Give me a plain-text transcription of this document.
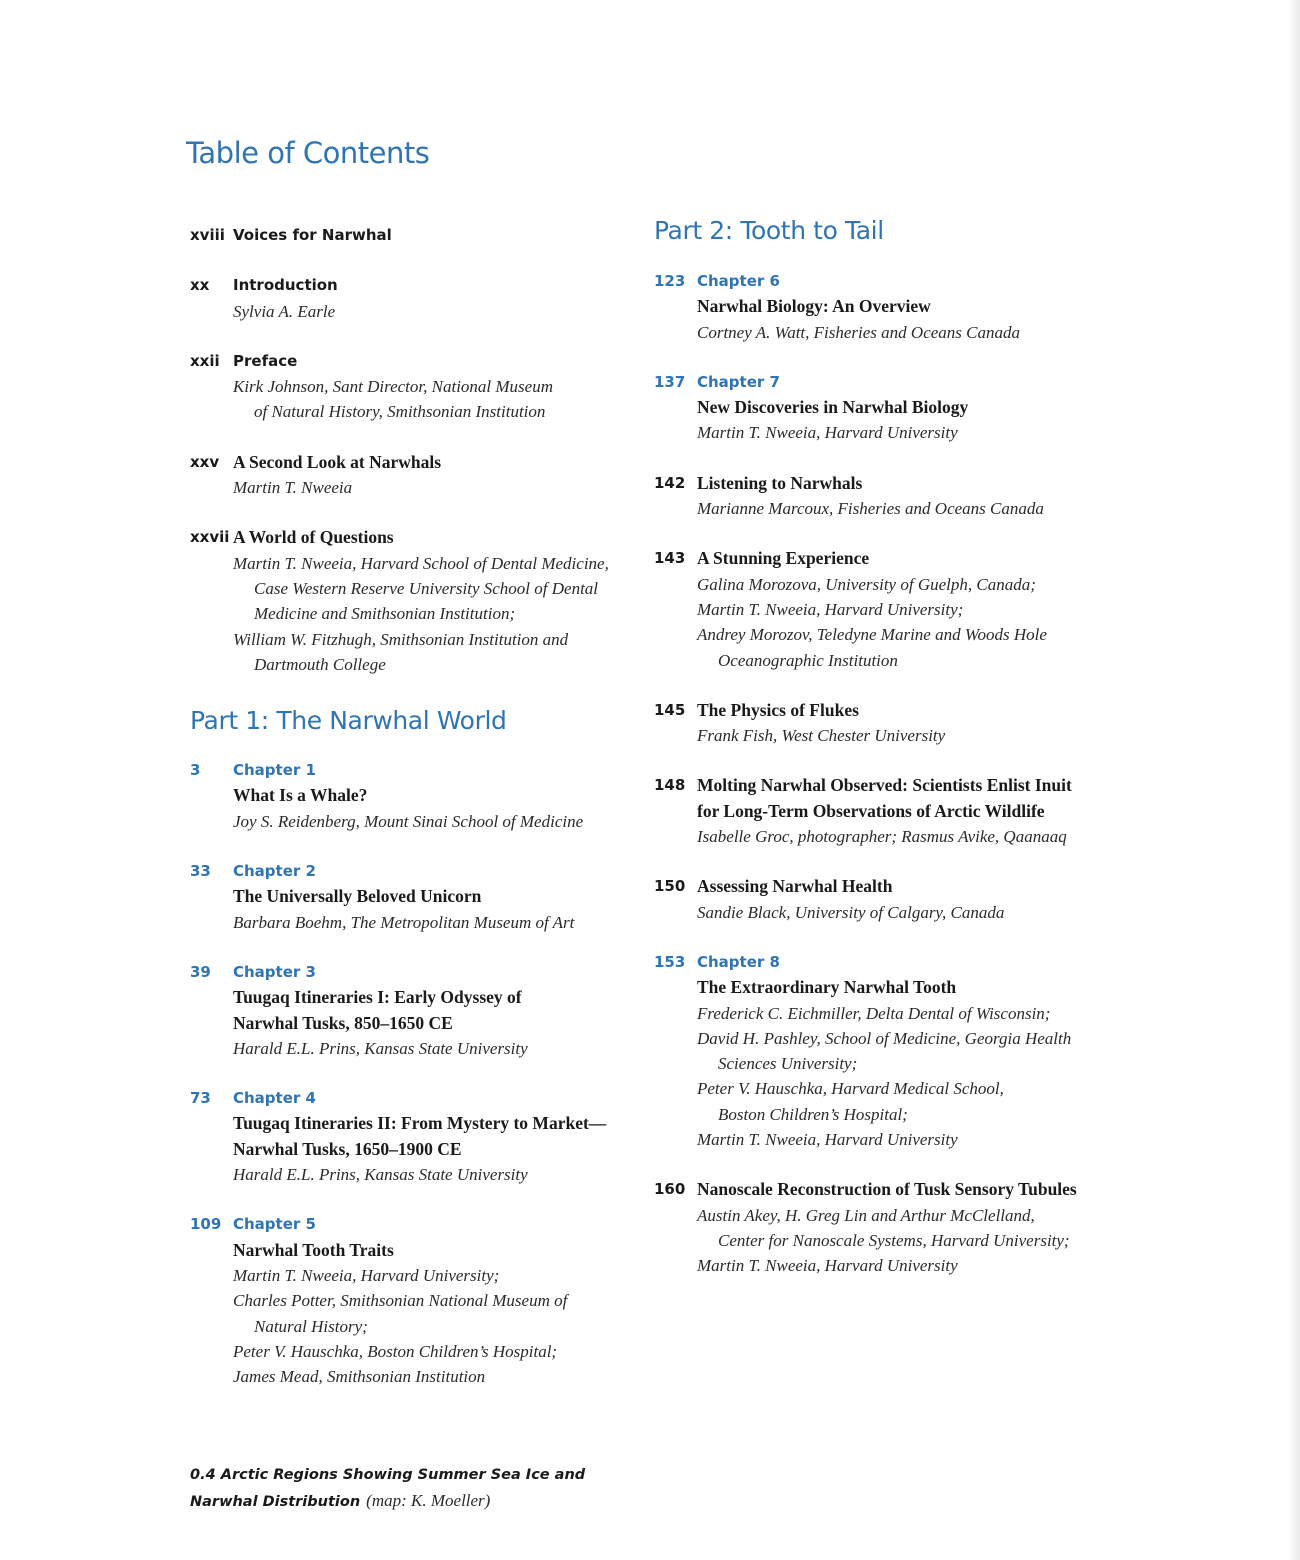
Table of Contents
xviii Voices for Narwhal

xx	Introduction

Sylvia A. Earle

xxii Preface

Kirk Johnson, Sant Director, National Museum

of Natural History, Smithsonian Institution

xxv A Second Look at Narwhals

Martin T. Nweeia

xxvii A World of Questions

Martin T. Nweeia, Harvard School of Dental Medicine,

Case Western Reserve University School of Dental

Medicine and Smithsonian Institution;

William W. Fitzhugh, Smithsonian Institution and

Dartmouth College

Part 1: The Narwhal World
3	Chapter 1

What Is a Whale?

Joy S. Reidenberg, Mount Sinai School of Medicine

33	Chapter 2

The Universally Beloved Unicorn

Barbara Boehm, The Metropolitan Museum of Art

39	Chapter 3

Tuugaq Itineraries I: Early Odyssey of

Narwhal Tusks, 850–1650 CE

Harald E.L. Prins, Kansas State University

73	Chapter 4

Tuugaq Itineraries II: From Mystery to Market—

Narwhal Tusks, 1650–1900 CE

Harald E.L. Prins, Kansas State University

109 Chapter 5

Narwhal Tooth Traits

Martin T. Nweeia, Harvard University;

Charles Potter, Smithsonian National Museum of

Natural History;

Peter V. Hauschka, Boston Children’s Hospital;

James Mead, Smithsonian Institution

Part 2: Tooth to Tail
123 Chapter 6

Narwhal Biology: An Overview

Cortney A. Watt, Fisheries and Oceans Canada

137 Chapter 7

New Discoveries in Narwhal Biology

Martin T. Nweeia, Harvard University

142 Listening to Narwhals

Marianne Marcoux, Fisheries and Oceans Canada

143 A Stunning Experience

Galina Morozova, University of Guelph, Canada;

Martin T. Nweeia, Harvard University;

Andrey Morozov, Teledyne Marine and Woods Hole

Oceanographic Institution

145 The Physics of Flukes

Frank Fish, West Chester University

148 Molting Narwhal Observed: Scientists Enlist Inuit

for Long-Term Observations of Arctic Wildlife

Isabelle Groc, photographer; Rasmus Avike, Qaanaaq

150 Assessing Narwhal Health

Sandie Black, University of Calgary, Canada

153 Chapter 8

The Extraordinary Narwhal Tooth

Frederick C. Eichmiller, Delta Dental of Wisconsin;

David H. Pashley, School of Medicine, Georgia Health

Sciences University;

Peter V. Hauschka, Harvard Medical School,

Boston Children’s Hospital;

Martin T. Nweeia, Harvard University

160 Nanoscale Reconstruction of Tusk Sensory Tubules

Austin Akey, H. Greg Lin and Arthur McClelland,

Center for Nanoscale Systems, Harvard University;

Martin T. Nweeia, Harvard University

0.4 Arctic Regions Showing Summer Sea Ice and

Narwhal Distribution (map: K. Moeller)
